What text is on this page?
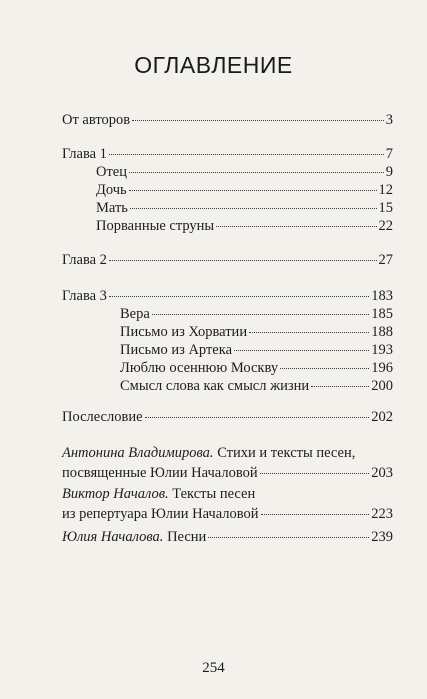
ОГЛАВЛЕНИЕ
От авторов	3
Глава 1	7
Отец	9
Дочь	12
Мать	15
Порванные струны	22
Глава 2	27
Глава 3	183
Вера	185
Письмо из Хорватии	188
Письмо из Артека	193
Люблю осеннюю Москву	196
Смысл слова как смысл жизни	200
Послесловие	202
Антонина Владимирова. Стихи и тексты песен,
посвященные Юлии Началовой	203
Виктор Началов. Тексты песен
из репертуара Юлии Началовой	223
Юлия Началова. Песни	239
254
